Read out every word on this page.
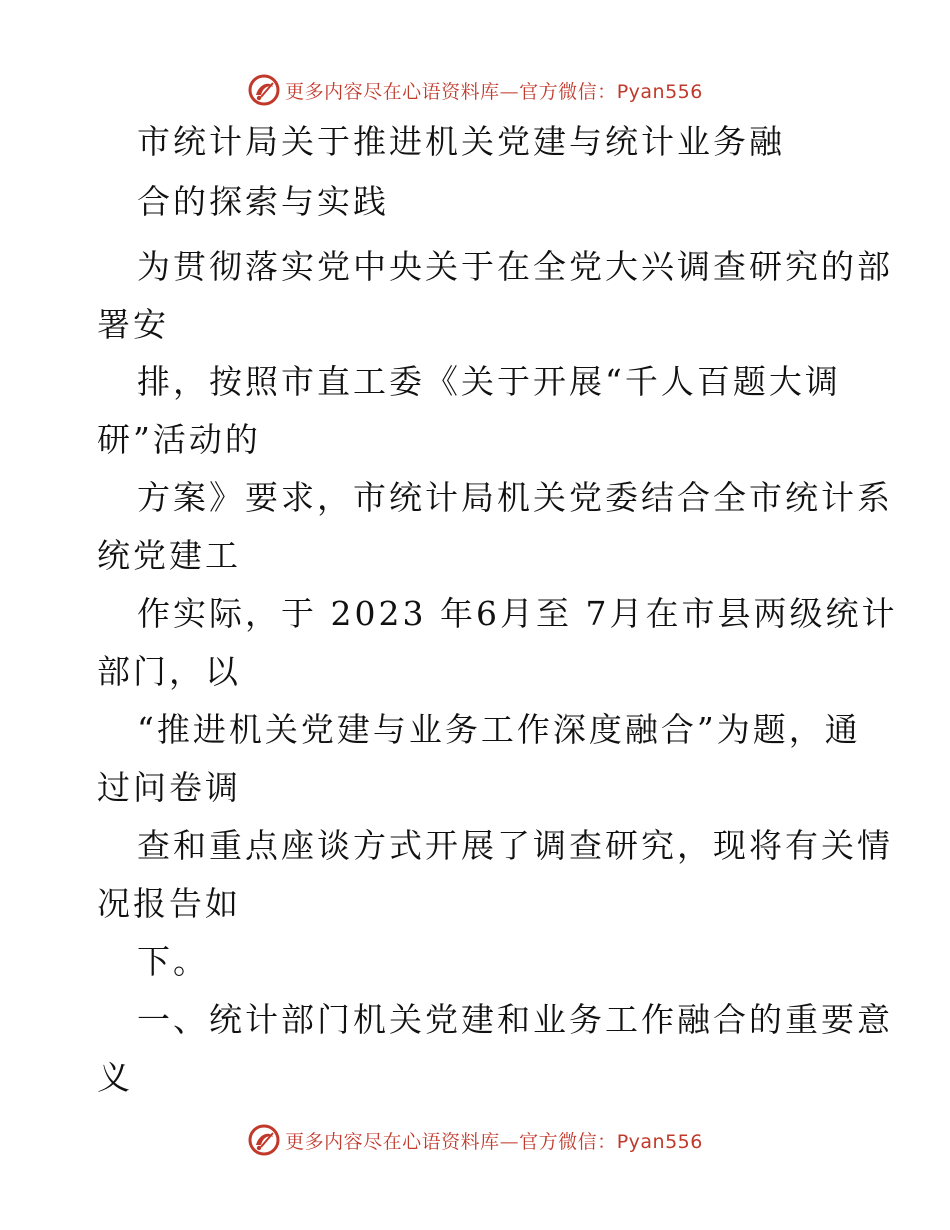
更多内容尽在心语资料库—官方微信：Pyan556
市统计局关于推进机关党建与统计业务融
合的探索与实践
为贯彻落实党中央关于在全党大兴调查研究的部
署安
排，按照市直工委《关于开展“千人百题大调
研”活动的
方案》要求，市统计局机关党委结合全市统计系
统党建工
作实际，于 2023 年6月至 7月在市县两级统计
部门，以
“推进机关党建与业务工作深度融合”为题，通
过问卷调
查和重点座谈方式开展了调查研究，现将有关情
况报告如
下。
一、统计部门机关党建和业务工作融合的重要意
义
更多内容尽在心语资料库—官方微信：Pyan556
